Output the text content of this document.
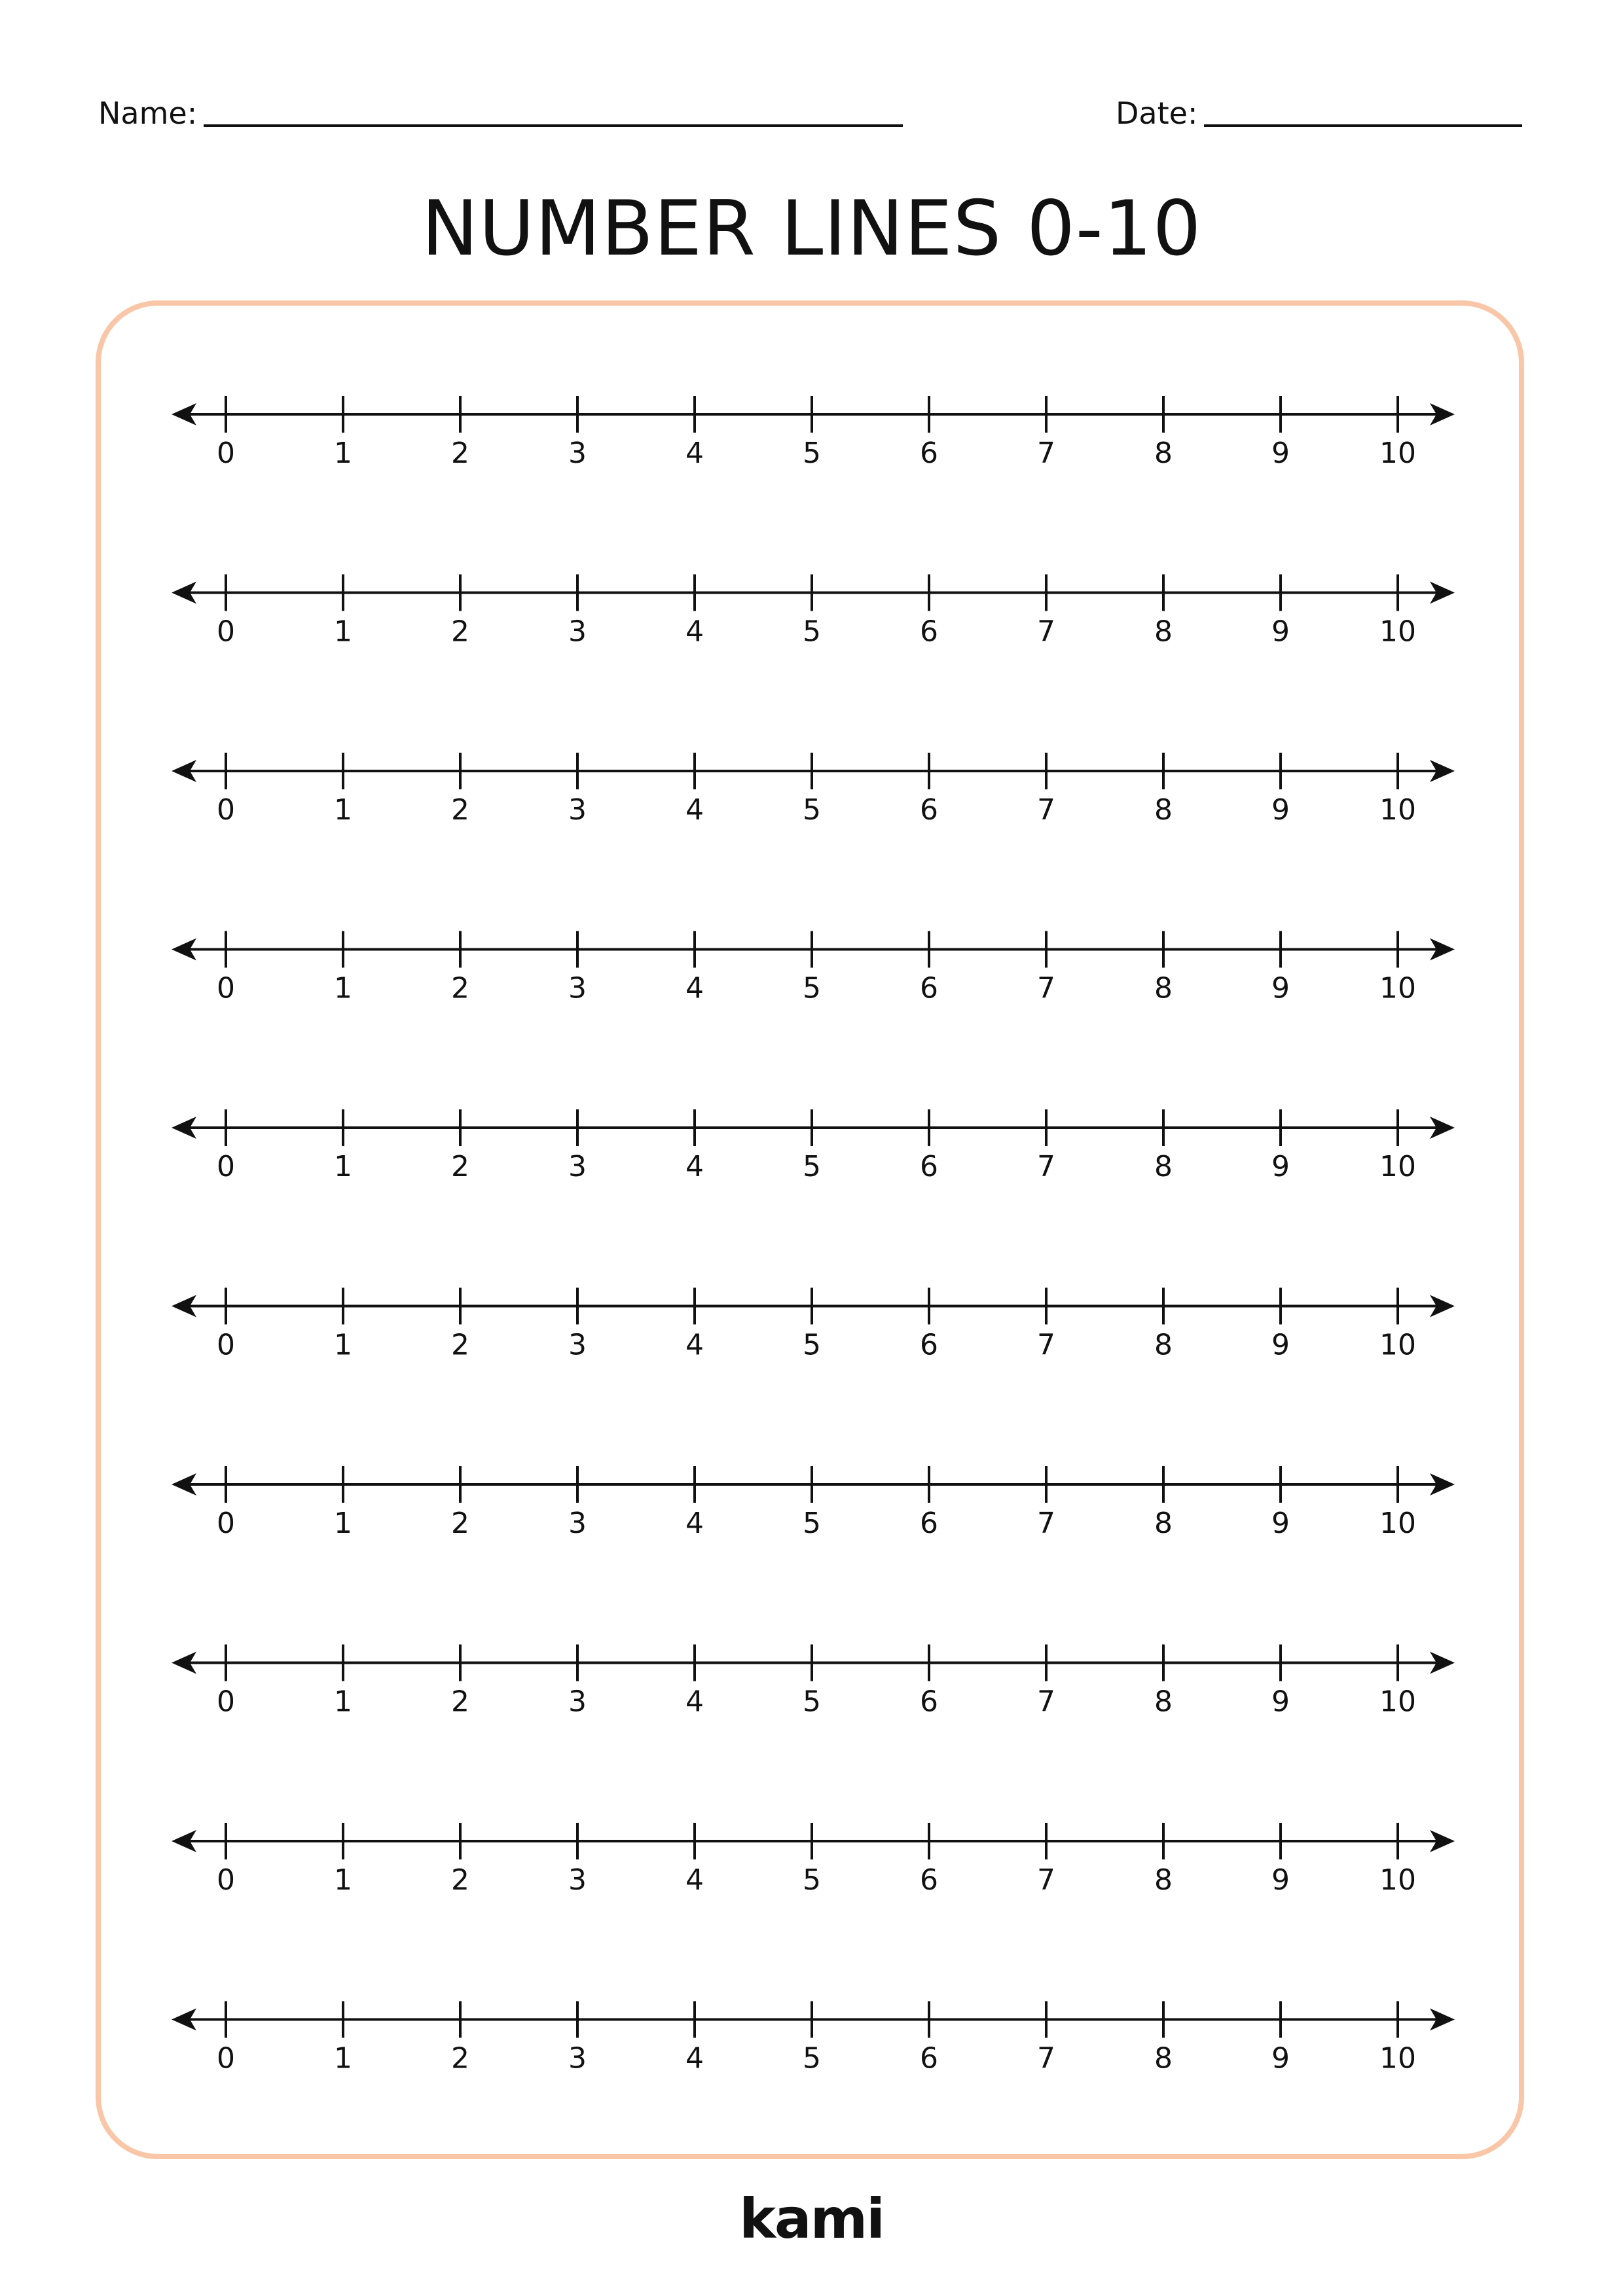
Name:	Date:
NUMBER LINES 0-10
0	1	2	3	4	5	6	7	8	9	10
0	1	2	3	4	5	6	7	8	9	10
0	1	2	3	4	5	6	7	8	9	10
0	1	2	3	4	5	6	7	8	9	10
0	1	2	3	4	5	6	7	8	9	10
0	1	2	3	4	5	6	7	8	9	10
0	1	2	3	4	5	6	7	8	9	10
0	1	2	3	4	5	6	7	8	9	10
0	1	2	3	4	5	6	7	8	9	10
0	1	2	3	4	5	6	7	8	9	10
kami
